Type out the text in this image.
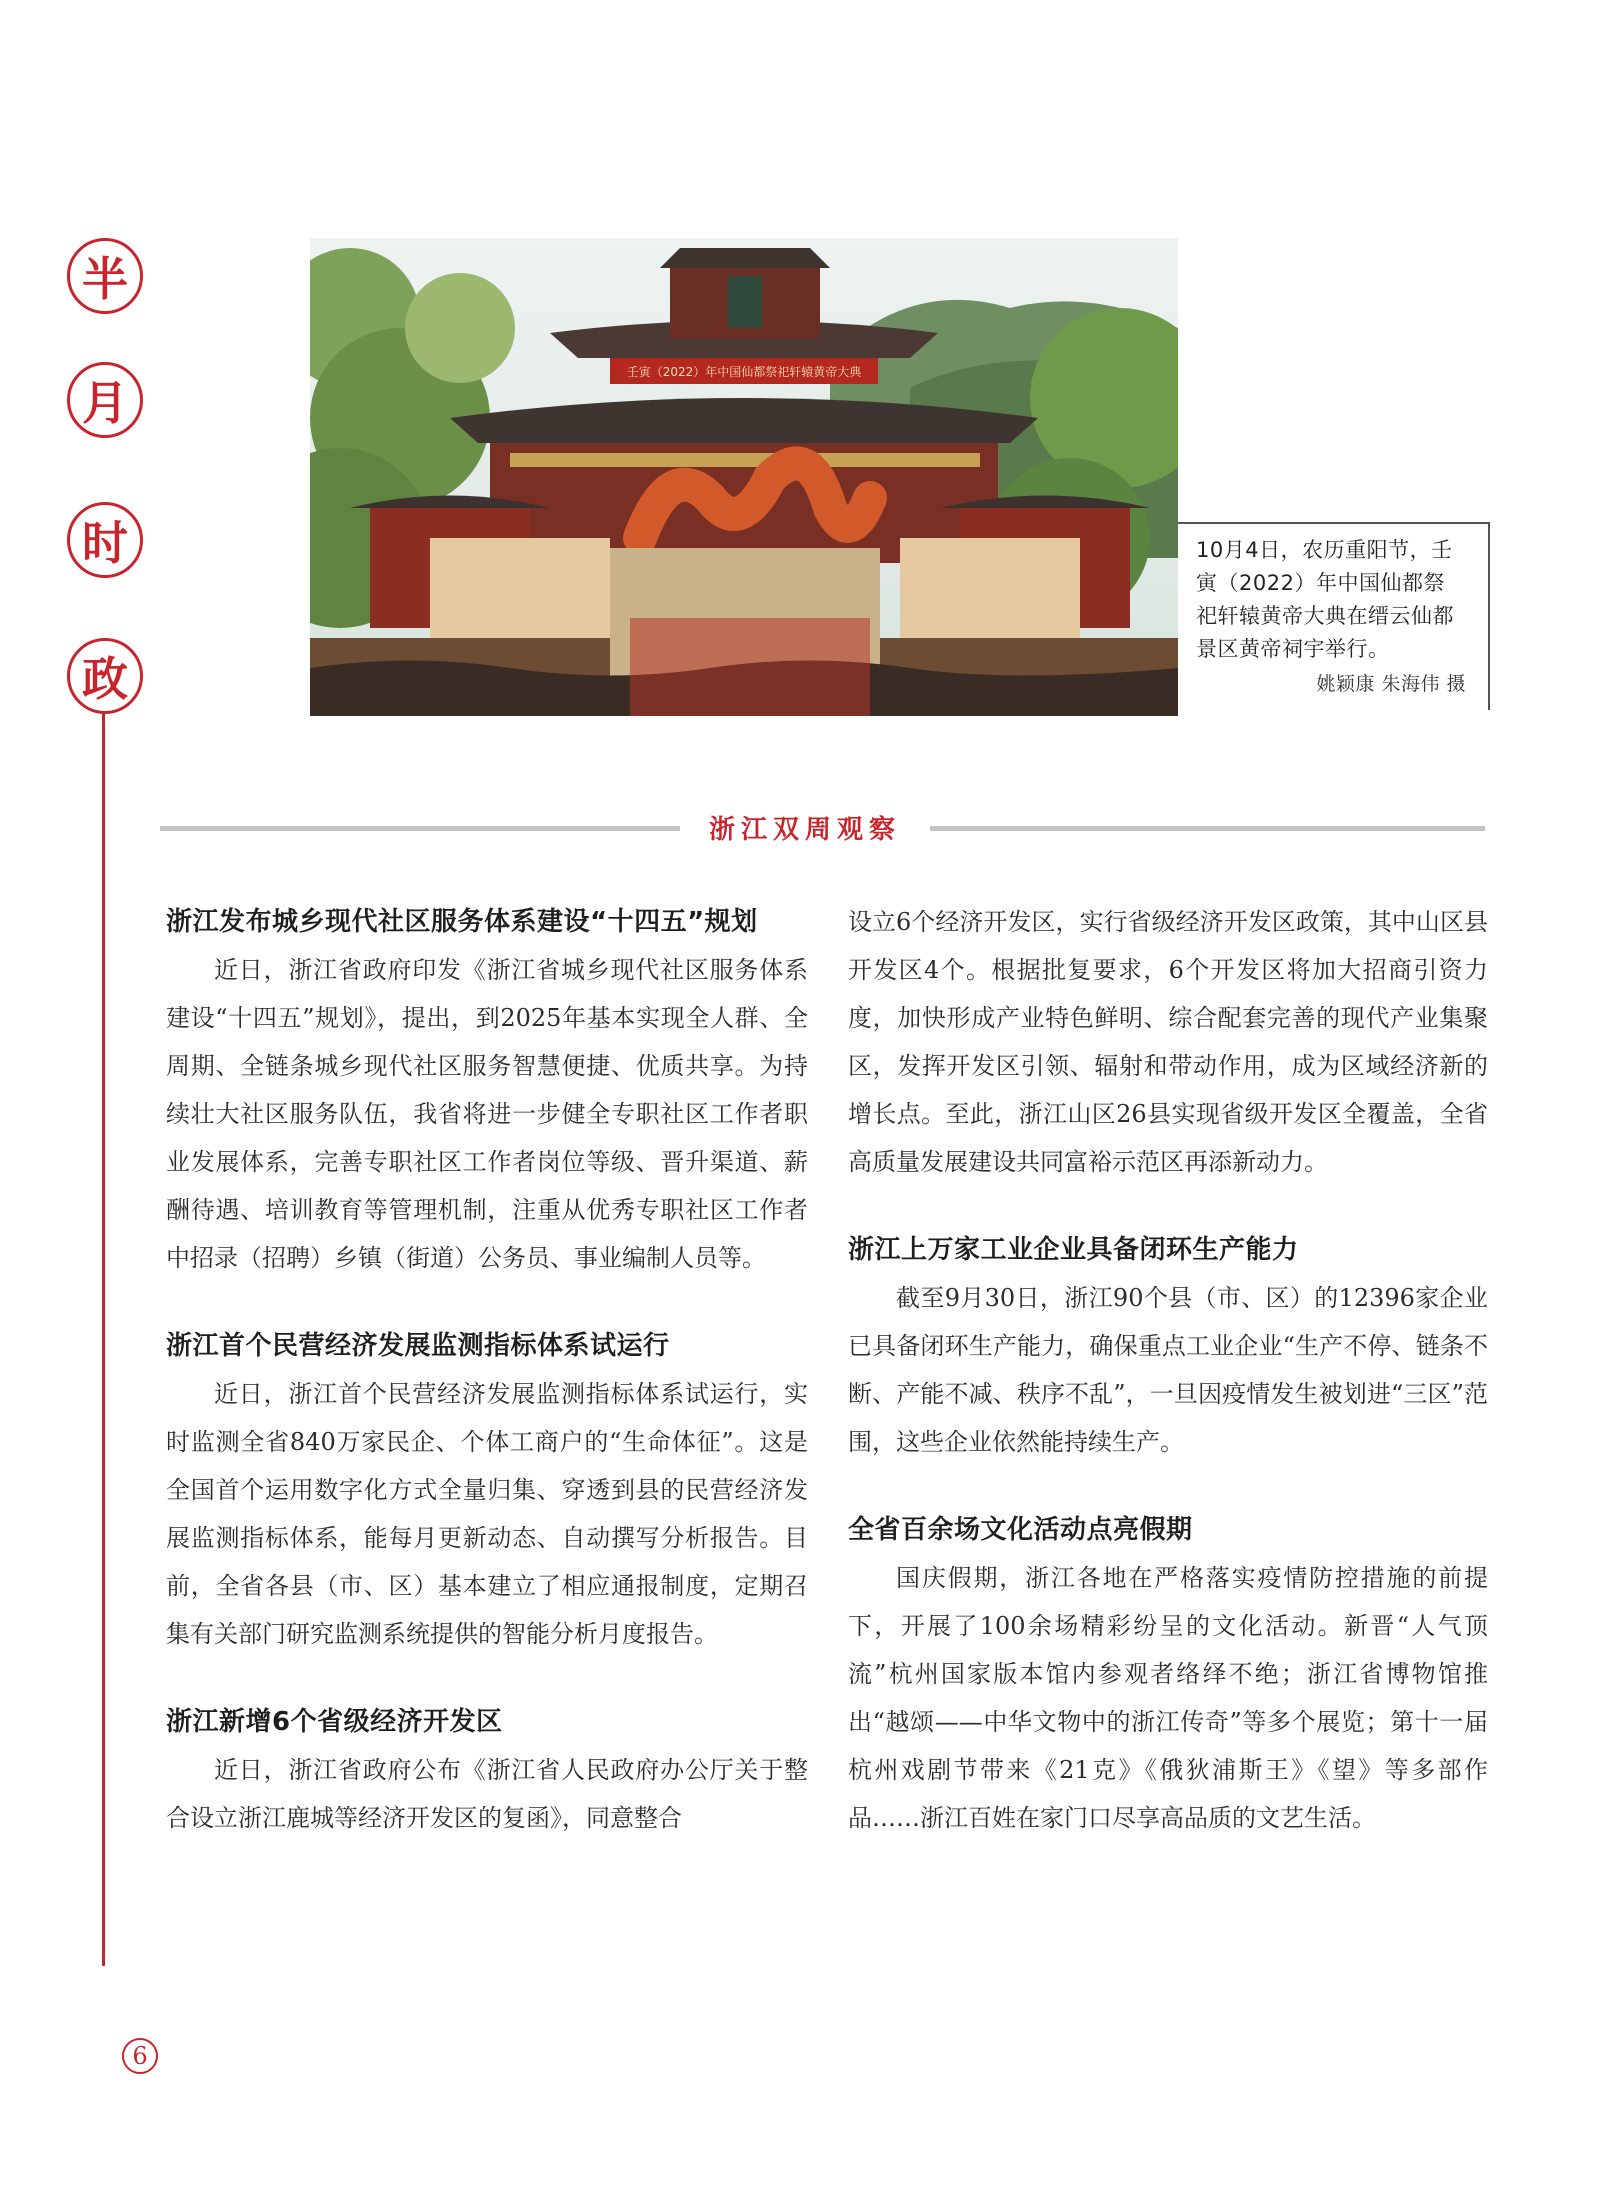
半
月
时
政
壬寅（2022）年中国仙都祭祀轩辕黄帝大典
10月4日，农历重阳节，壬寅（2022）年中国仙都祭祀轩辕黄帝大典在缙云仙都景区黄帝祠宇举行。
姚颖康 朱海伟 摄
浙江双周观察
浙江发布城乡现代社区服务体系建设“十四五”规划

近日，浙江省政府印发《浙江省城乡现代社区服务体系建设“十四五”规划》，提出，到2025年基本实现全人群、全周期、全链条城乡现代社区服务智慧便捷、优质共享。为持续壮大社区服务队伍，我省将进一步健全专职社区工作者职业发展体系，完善专职社区工作者岗位等级、晋升渠道、薪酬待遇、培训教育等管理机制，注重从优秀专职社区工作者中招录（招聘）乡镇（街道）公务员、事业编制人员等。

浙江首个民营经济发展监测指标体系试运行

近日，浙江首个民营经济发展监测指标体系试运行，实时监测全省840万家民企、个体工商户的“生命体征”。这是全国首个运用数字化方式全量归集、穿透到县的民营经济发展监测指标体系，能每月更新动态、自动撰写分析报告。目前，全省各县（市、区）基本建立了相应通报制度，定期召集有关部门研究监测系统提供的智能分析月度报告。

浙江新增6个省级经济开发区

近日，浙江省政府公布《浙江省人民政府办公厅关于整合设立浙江鹿城等经济开发区的复函》，同意整合

设立6个经济开发区，实行省级经济开发区政策，其中山区县开发区4个。根据批复要求，6个开发区将加大招商引资力度，加快形成产业特色鲜明、综合配套完善的现代产业集聚区，发挥开发区引领、辐射和带动作用，成为区域经济新的增长点。至此，浙江山区26县实现省级开发区全覆盖，全省高质量发展建设共同富裕示范区再添新动力。

浙江上万家工业企业具备闭环生产能力

截至9月30日，浙江90个县（市、区）的12396家企业已具备闭环生产能力，确保重点工业企业“生产不停、链条不断、产能不减、秩序不乱”，一旦因疫情发生被划进“三区”范围，这些企业依然能持续生产。

全省百余场文化活动点亮假期

国庆假期，浙江各地在严格落实疫情防控措施的前提下，开展了100余场精彩纷呈的文化活动。新晋“人气顶流”杭州国家版本馆内参观者络绎不绝；浙江省博物馆推出“越颂——中华文物中的浙江传奇”等多个展览；第十一届杭州戏剧节带来《21克》《俄狄浦斯王》《望》等多部作品……浙江百姓在家门口尽享高品质的文艺生活。

6
